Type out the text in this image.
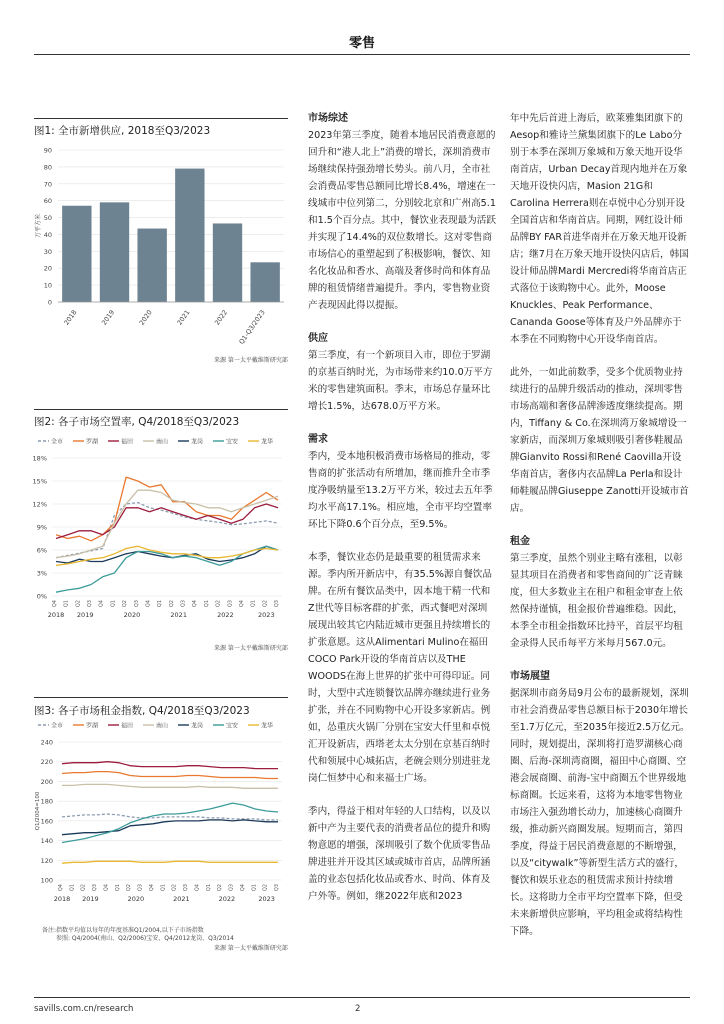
零售
图1: 全市新增供应, 2018至Q3/2023
0
10
20
30
40
50
60
70
80
90
万平方米
2018	2019	2020	2021	2022 Q1-Q3/2023
来源 第一太平戴维斯研究部
图2: 各子市场空置率, Q4/2018至Q3/2023
全市	罗湖	福田	南山	龙岗	宝安	龙华
0%
3%
6%
9%
12%
15%
18%
Q4 Q1 Q2 Q3 Q4 Q1 Q2 Q3 Q4 Q1 Q2 Q3 Q4 Q1 Q2 Q3 Q4 Q1 Q2 Q3
2018 2019	2020	2021	2022	2023
来源 第一太平戴维斯研究部
图3: 各子市场租金指数, Q4/2018至Q3/2023
全市	罗湖	福田	南山	龙岗	宝安	龙华
100
120
140
160
180
200
220
240
Q1/2004=100
Q4 Q1 Q2 Q3 Q4 Q1 Q2 Q3 Q4 Q1 Q2 Q3 Q4 Q1 Q2 Q3 Q4 Q1 Q2 Q3
2018 2019	2020	2021	2022	2023
备注:指数平均值以每年的年度基准Q1/2004,以下子市场指数
参照: Q4/2004(南山、Q2/2006)宝安、Q4/2012龙岗、Q3/2014
来源 第一太平戴维斯研究部
市场综述

2023年第三季度，随着本地居民消费意愿的回升和“港人北上”消费的增长，深圳消费市场继续保持强劲增长势头。前八月，全市社会消费品零售总额同比增长8.4%，增速在一线城市中位列第二，分别较北京和广州高5.1和1.5个百分点。其中，餐饮业表现最为活跃并实现了14.4%的双位数增长。这对零售商市场信心的重塑起到了积极影响，餐饮、知名化妆品和香水、高端及奢侈时尚和体育品牌的租赁情绪普遍提升。季内，零售物业资产表现因此得以提振。

供应

第三季度，有一个新项目入市，即位于罗湖的京基百纳时光，为市场带来约10.0万平方米的零售建筑面积。季末，市场总存量环比增长1.5%，达678.0万平方米。

需求

季内，受本地积极消费市场格局的推动，零售商的扩张活动有所增加，继而推升全市季度净吸纳量至13.2万平方米，较过去五年季均水平高17.1%。相应地，全市平均空置率环比下降0.6个百分点，至9.5%。

本季，餐饮业态仍是最重要的租赁需求来源。季内所开新店中，有35.5%源自餐饮品牌。在所有餐饮品类中，因本地干精一代和Z世代等目标客群的扩张，西式餐吧对深圳展现出较其它内陆近城市更强且持续增长的扩张意愿。这从Alimentari Mulino在福田COCO Park开设的华南首店以及THE WOODS在海上世界的扩张中可得印证。同时，大型中式连锁餐饮品牌亦继续进行业务扩张，并在不同购物中心开设多家新店。例如，怂重庆火锅厂分别在宝安大仟里和卓悦汇开设新店，西塔老太太分别在京基百纳时代和领展中心城拓店，老碗会则分别进驻龙岗仁恒梦中心和来福士广场。

季内，得益于相对年轻的人口结构，以及以新中产为主要代表的消费者品位的提升和购物意愿的增强，深圳吸引了数个优质零售品牌进驻并开设其区域或城市首店，品牌所涵盖的业态包括化妆品或香水、时尚、体育及户外等。例如，继2022年底和2023

年中先后首进上海后，欧莱雅集团旗下的Aesop和雅诗兰黛集团旗下的Le Labo分别于本季在深圳万象城和万象天地开设华南首店，Urban Decay首现内地并在万象天地开设快闪店，Masion 21G和Carolina Herrera则在卓悦中心分别开设全国首店和华南首店。同期，网红设计师品牌BY FAR首进华南并在万象天地开设新店；继7月在万象天地开设快闪店后，韩国设计师品牌Mardi Mercredi将华南首店正式落位于该购物中心。此外，Moose Knuckles、Peak Performance、Cananda Goose等体育及户外品牌亦于本季在不同购物中心开设华南首店。

此外，一如此前数季，受多个优质物业持续进行的品牌升级活动的推动，深圳零售市场高端和奢侈品牌渗透度继续提高。期内，Tiffany & Co.在深圳湾万象城增设一家新店，而深圳万象城则吸引奢侈鞋履品牌Gianvito Rossi和René Caovilla开设华南首店，奢侈内衣品牌La Perla和设计师鞋履品牌Giuseppe Zanotti开设城市首店。

租金

第三季度，虽然个别业主略有涨租，以彰显其项目在消费者和零售商间的广泛青睐度，但大多数业主在租户和租金审查上依然保持谨慎，租金报价普遍维稳。因此，本季全市租金指数环比持平，首层平均租金录得人民币每平方米每月567.0元。

市场展望

据深圳市商务局9月公布的最新规划，深圳市社会消费品零售总额目标于2030年增长至1.7万亿元，至2035年接近2.5万亿元。同时，规划提出，深圳将打造罗湖核心商圈、后海-深圳湾商圈，福田中心商圈、空港会展商圈、前海-宝中商圈五个世界级地标商圈。长远来看，这将为本地零售物业市场注入强劲增长动力，加速核心商圈升级，推动新兴商圈发展。短期而言，第四季度，得益于居民消费意愿的不断增强，以及“citywalk”等新型生活方式的盛行，餐饮和娱乐业态的租赁需求预计持续增长。这将助力全市平均空置率下降，但受未来新增供应影响，平均租金或将结构性下降。

savills.com.cn/research	2
